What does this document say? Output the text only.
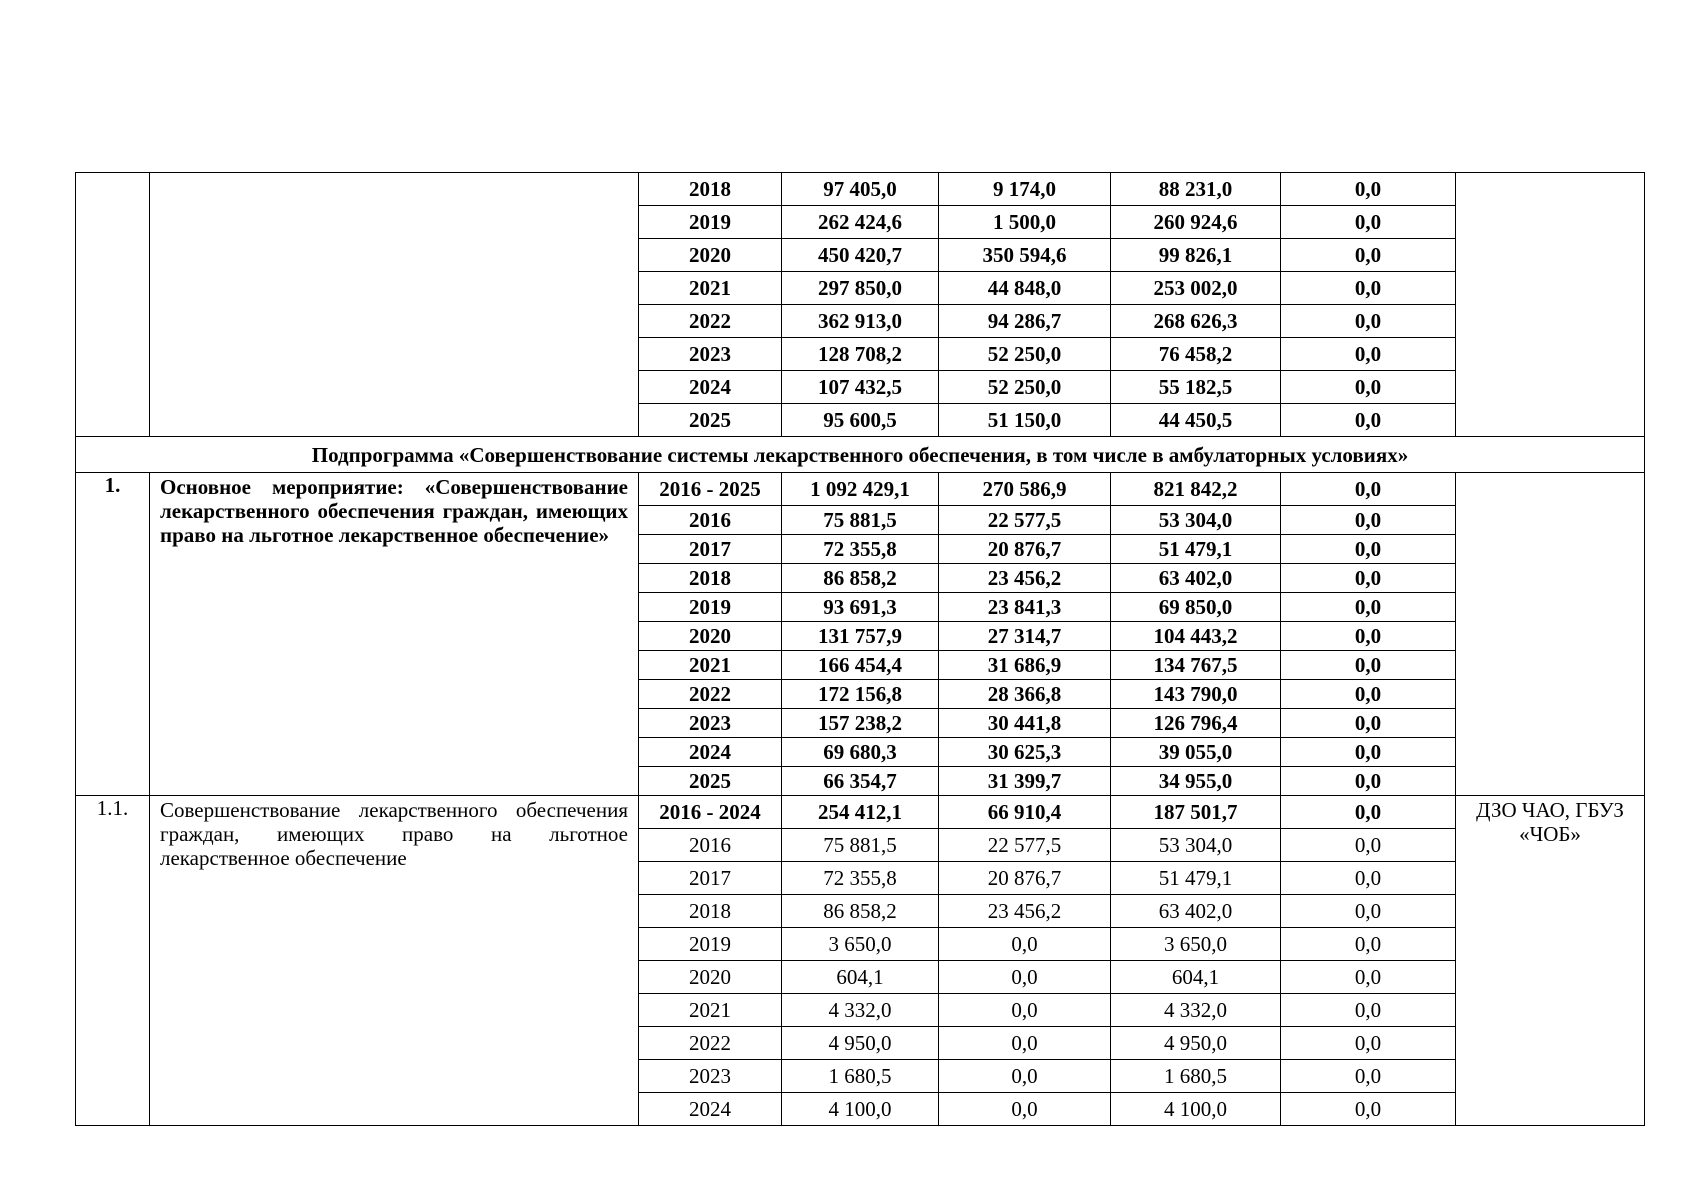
		2018	97 405,0	9 174,0	88 231,0	0,0	
		2019	262 424,6	1 500,0	260 924,6	0,0	
		2020	450 420,7	350 594,6	99 826,1	0,0	
		2021	297 850,0	44 848,0	253 002,0	0,0	
		2022	362 913,0	94 286,7	268 626,3	0,0	
		2023	128 708,2	52 250,0	76 458,2	0,0	
		2024	107 432,5	52 250,0	55 182,5	0,0	
		2025	95 600,5	51 150,0	44 450,5	0,0	
Подпрограмма «Совершенствование системы лекарственного обеспечения, в том числе в амбулаторных условиях»							
1.	Основное мероприятие: «Совершенствование лекарственного обеспечения граждан, имеющих право на льготное лекарственное обеспечение»	2016 - 2025	1 092 429,1	270 586,9	821 842,2	0,0	
		2016	75 881,5	22 577,5	53 304,0	0,0	
		2017	72 355,8	20 876,7	51 479,1	0,0	
		2018	86 858,2	23 456,2	63 402,0	0,0	
		2019	93 691,3	23 841,3	69 850,0	0,0	
		2020	131 757,9	27 314,7	104 443,2	0,0	
		2021	166 454,4	31 686,9	134 767,5	0,0	
		2022	172 156,8	28 366,8	143 790,0	0,0	
		2023	157 238,2	30 441,8	126 796,4	0,0	
		2024	69 680,3	30 625,3	39 055,0	0,0	
		2025	66 354,7	31 399,7	34 955,0	0,0	
1.1.	Совершенствование лекарственного обеспечения граждан, имеющих право на льготное лекарственное обеспечение	2016 - 2024	254 412,1	66 910,4	187 501,7	0,0	ДЗО ЧАО, ГБУЗ «ЧОБ»
		2016	75 881,5	22 577,5	53 304,0	0,0	
		2017	72 355,8	20 876,7	51 479,1	0,0	
		2018	86 858,2	23 456,2	63 402,0	0,0	
		2019	3 650,0	0,0	3 650,0	0,0	
		2020	604,1	0,0	604,1	0,0	
		2021	4 332,0	0,0	4 332,0	0,0	
		2022	4 950,0	0,0	4 950,0	0,0	
		2023	1 680,5	0,0	1 680,5	0,0	
		2024	4 100,0	0,0	4 100,0	0,0	
